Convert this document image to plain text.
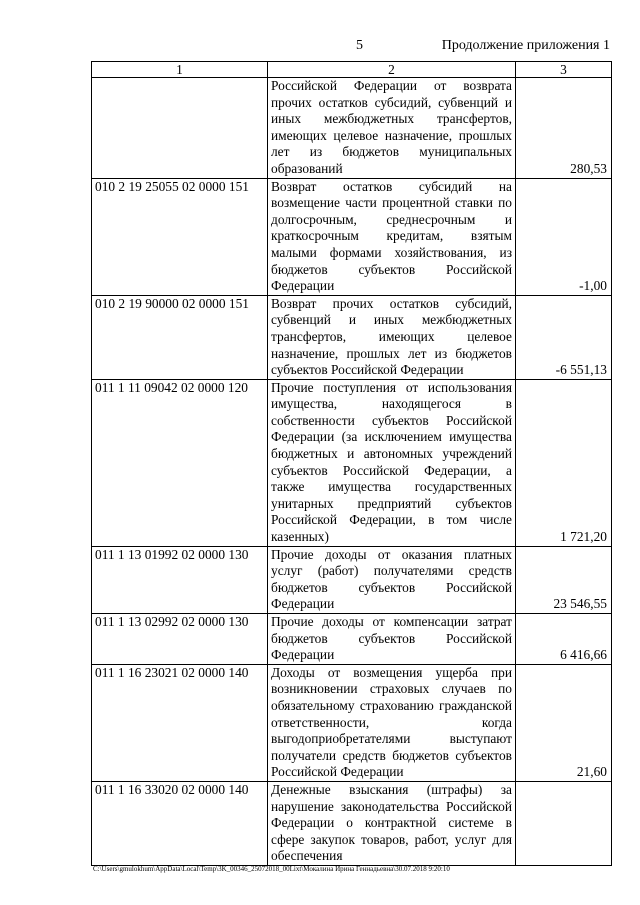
5	Продолжение приложения 1
1	2	3
	Российской Федерации от возврата прочих остатков субсидий, субвенций и иных межбюджетных трансфертов, имеющих целевое назначение, прошлых лет из бюджетов муниципальных образований	280,53
010 2 19 25055 02 0000 151	Возврат остатков субсидий на возмещение части процентной ставки по долгосрочным, среднесрочным и краткосрочным кредитам, взятым малыми формами хозяйствования, из бюджетов субъектов Российской Федерации	-1,00
010 2 19 90000 02 0000 151	Возврат прочих остатков субсидий, субвенций и иных межбюджетных трансфертов, имеющих целевое назначение, прошлых лет из бюджетов субъектов Российской Федерации	-6 551,13
011 1 11 09042 02 0000 120	Прочие поступления от использования имущества, находящегося в собственности субъектов Российской Федерации (за исключением имущества бюджетных и автономных учреждений субъектов Российской Федерации, а также имущества государственных унитарных предприятий субъектов Российской Федерации, в том числе казенных)	1 721,20
011 1 13 01992 02 0000 130	Прочие доходы от оказания платных услуг (работ) получателями средств бюджетов субъектов Российской Федерации	23 546,55
011 1 13 02992 02 0000 130	Прочие доходы от компенсации затрат бюджетов субъектов Российской Федерации	6 416,66
011 1 16 23021 02 0000 140	Доходы от возмещения ущерба при возникновении страховых случаев по обязательному страхованию гражданской ответственности, когда выгодоприобретателями выступают получатели средств бюджетов субъектов Российской Федерации	21,60
011 1 16 33020 02 0000 140	Денежные взыскания (штрафы) за нарушение законодательства Российской Федерации о контрактной системе в сфере закупок товаров, работ, услуг для обеспечения	
C:\Users\gmulokhum\AppData\Local\Temp\3K_00346_25072018_00Lixt\Мокалина Ирина Геннадьевна\30.07.2018 9:20:10
